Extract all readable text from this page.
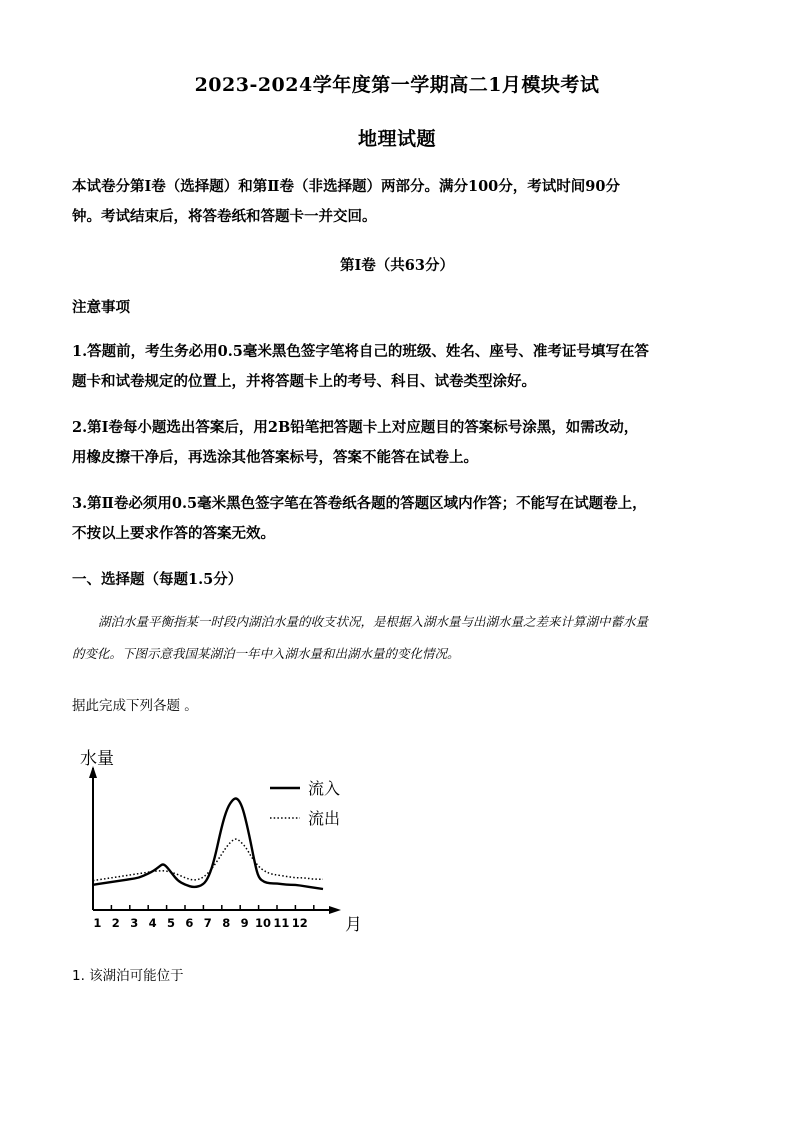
2023-2024学年度第一学期高二1月模块考试
地理试题
本试卷分第Ⅰ卷（选择题）和第Ⅱ卷（非选择题）两部分。满分100分，考试时间90分
钟。考试结束后，将答卷纸和答题卡一并交回。
第Ⅰ卷（共63分）
注意事项
1.答题前，考生务必用0.5毫米黑色签字笔将自己的班级、姓名、座号、准考证号填写在答
题卡和试卷规定的位置上，并将答题卡上的考号、科目、试卷类型涂好。
2.第Ⅰ卷每小题选出答案后，用2B铅笔把答题卡上对应题目的答案标号涂黑，如需改动，
用橡皮擦干净后，再选涂其他答案标号，答案不能答在试卷上。
3.第Ⅱ卷必须用0.5毫米黑色签字笔在答卷纸各题的答题区域内作答；不能写在试题卷上，
不按以上要求作答的答案无效。
一、选择题（每题1.5分）
湖泊水量平衡指某一时段内湖泊水量的收支状况，是根据入湖水量与出湖水量之差来计算湖中蓄水量
的变化。下图示意我国某湖泊一年中入湖水量和出湖水量的变化情况。
据此完成下列各题 。
水量
月
1 2 3 4 5 6 7 8 9 10 11 12
流入
流出
1. 该湖泊可能位于
